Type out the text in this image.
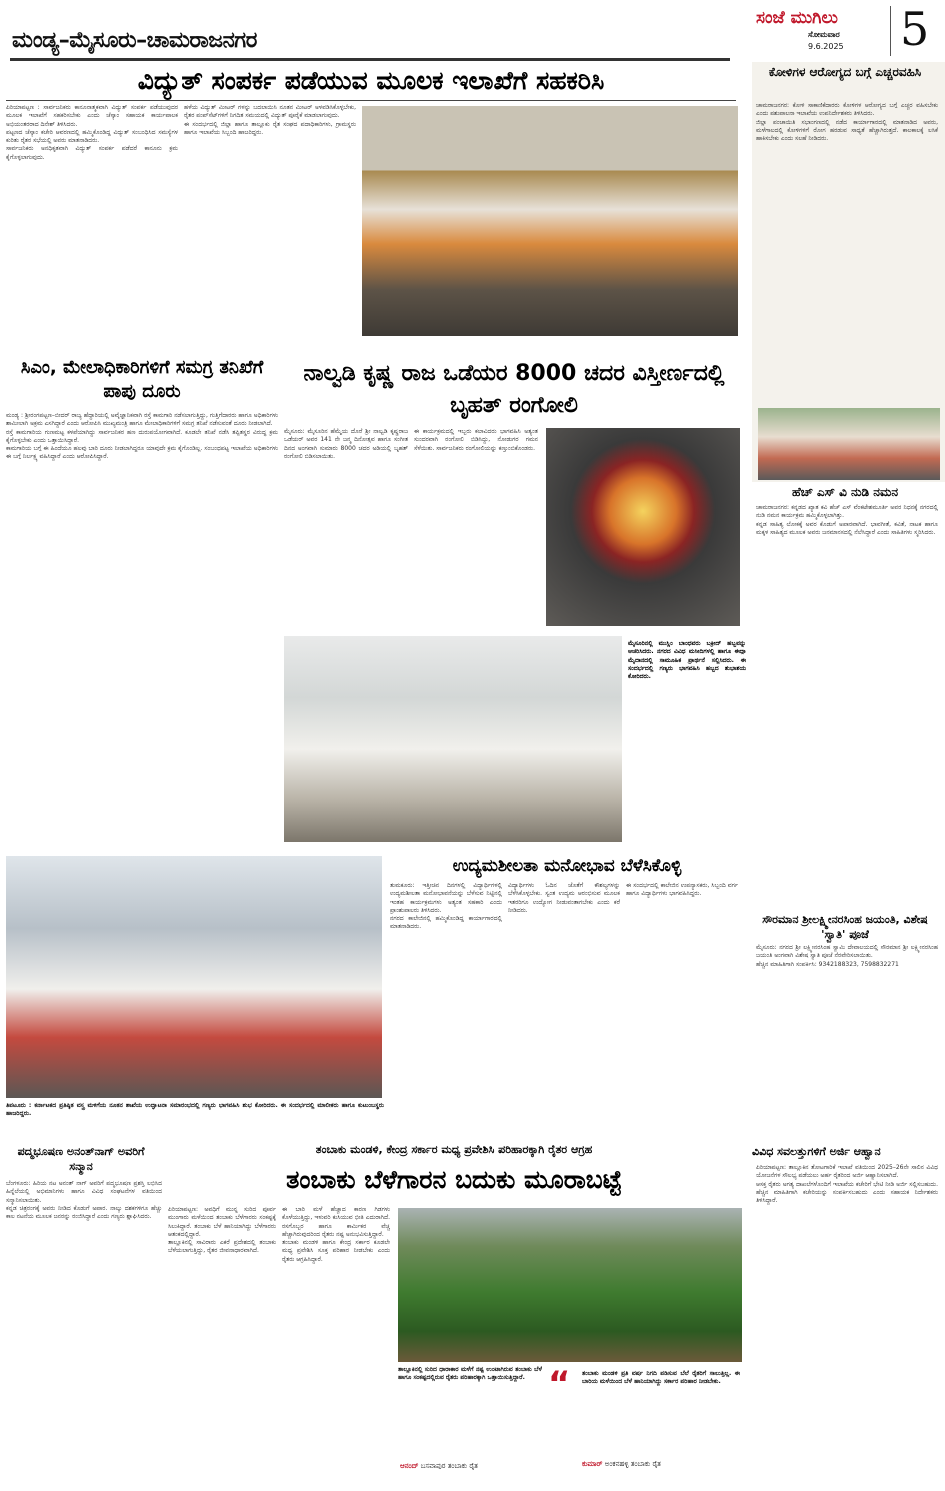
ಮಂಡ್ಯ–ಮೈಸೂರು–ಚಾಮರಾಜನಗರ
ಸಂಜೆ ಮುಗಿಲು
ಸೋಮವಾರ
9.6.2025 5
ವಿದ್ಯುತ್ ಸಂಪರ್ಕ ಪಡೆಯುವ ಮೂಲಕ ಇಲಾಖೆಗೆ ಸಹಕರಿಸಿ
ಪಿರಿಯಾಪಟ್ಟಣ : ಸಾರ್ವಜನಿಕರು ಕಾನೂನಾತ್ಮಕವಾಗಿ ವಿದ್ಯುತ್ ಸಂಪರ್ಕ ಪಡೆಯುವುದರ ಮೂಲಕ ಇಲಾಖೆಗೆ ಸಹಕರಿಸಬೇಕು ಎಂದು ಚೆಸ್ಕಾಂ ಸಹಾಯಕ ಕಾರ್ಯಪಾಲಕ ಅಭಿಯಂತರರಾದ ದಿನೇಶ್ ತಿಳಿಸಿದರು.
ಪಟ್ಟಣದ ಚೆಸ್ಕಾಂ ಕಚೇರಿ ಆವರಣದಲ್ಲಿ ಹಮ್ಮಿಕೊಂಡಿದ್ದ ವಿದ್ಯುತ್ ಸಂಬಂಧಿಸಿದ ಸಮಸ್ಯೆಗಳ ಕುರಿತು ರೈತರ ಸಭೆಯಲ್ಲಿ ಅವರು ಮಾತನಾಡಿದರು.
ಸಾರ್ವಜನಿಕರು ಅನಧಿಕೃತವಾಗಿ ವಿದ್ಯುತ್ ಸಂಪರ್ಕ ಪಡೆದರೆ ಕಾನೂನು ಕ್ರಮ ಕೈಗೊಳ್ಳಲಾಗುವುದು.
ಹಳೆಯ ವಿದ್ಯುತ್ ಮೀಟರ್ ಗಳನ್ನು ಬದಲಾಯಿಸಿ ನೂತನ ಮೀಟರ್ ಅಳವಡಿಸಿಕೊಳ್ಳಬೇಕು, ರೈತರ ಪಂಪ್‌ಸೆಟ್‌ಗಳಿಗೆ ನಿಗದಿತ ಸಮಯದಲ್ಲಿ ವಿದ್ಯುತ್ ಪೂರೈಕೆ ಮಾಡಲಾಗುವುದು.
ಈ ಸಂದರ್ಭದಲ್ಲಿ ಜಿಲ್ಲಾ ಹಾಗೂ ತಾಲ್ಲೂಕು ರೈತ ಸಂಘದ ಪದಾಧಿಕಾರಿಗಳು, ಗ್ರಾಮಸ್ಥರು ಹಾಗೂ ಇಲಾಖೆಯ ಸಿಬ್ಬಂದಿ ಹಾಜರಿದ್ದರು.
ಕೋಳಿಗಳ ಆರೋಗ್ಯದ ಬಗ್ಗೆ ಎಚ್ಚರವಹಿಸಿ
ಚಾಮರಾಜನಗರ: ಕೋಳಿ ಸಾಕಾಣಿಕೆದಾರರು ಕೋಳಿಗಳ ಆರೋಗ್ಯದ ಬಗ್ಗೆ ಎಚ್ಚರ ವಹಿಸಬೇಕು ಎಂದು ಪಶುಪಾಲನಾ ಇಲಾಖೆಯ ಉಪನಿರ್ದೇಶಕರು ತಿಳಿಸಿದರು.
ಜಿಲ್ಲಾ ಪಂಚಾಯಿತಿ ಸಭಾಂಗಣದಲ್ಲಿ ನಡೆದ ಕಾರ್ಯಾಗಾರದಲ್ಲಿ ಮಾತನಾಡಿದ ಅವರು, ಮಳೆಗಾಲದಲ್ಲಿ ಕೋಳಿಗಳಿಗೆ ರೋಗ ಹರಡುವ ಸಾಧ್ಯತೆ ಹೆಚ್ಚಾಗಿರುತ್ತದೆ. ಕಾಲಕಾಲಕ್ಕೆ ಲಸಿಕೆ ಹಾಕಿಸಬೇಕು ಎಂದು ಸಲಹೆ ನೀಡಿದರು.
ಸಿಎಂ, ಮೇಲಾಧಿಕಾರಿಗಳಿಗೆ ಸಮಗ್ರ ತನಿಖೆಗೆ ಪಾಪು ದೂರು
ಮಂಡ್ಯ : ಶ್ರೀರಂಗಪಟ್ಟಣ–ಬೀದರ್ ರಾಜ್ಯ ಹೆದ್ದಾರಿಯಲ್ಲಿ ಅವೈಜ್ಞಾನಿಕವಾಗಿ ರಸ್ತೆ ಕಾಮಗಾರಿ ನಡೆಸಲಾಗುತ್ತಿದ್ದು, ಗುತ್ತಿಗೆದಾರರು ಹಾಗೂ ಅಧಿಕಾರಿಗಳು ಶಾಮೀಲಾಗಿ ಅಕ್ರಮ ಎಸಗಿದ್ದಾರೆ ಎಂದು ಆರೋಪಿಸಿ ಮುಖ್ಯಮಂತ್ರಿ ಹಾಗೂ ಮೇಲಾಧಿಕಾರಿಗಳಿಗೆ ಸಮಗ್ರ ತನಿಖೆ ನಡೆಸುವಂತೆ ದೂರು ನೀಡಲಾಗಿದೆ.
ರಸ್ತೆ ಕಾಮಗಾರಿಯ ಗುಣಮಟ್ಟ ಕಳಪೆಯಾಗಿದ್ದು ಸಾರ್ವಜನಿಕರ ಹಣ ದುರುಪಯೋಗವಾಗಿದೆ. ಕೂಡಲೇ ತನಿಖೆ ನಡೆಸಿ ತಪ್ಪಿತಸ್ಥರ ವಿರುದ್ಧ ಕ್ರಮ ಕೈಗೊಳ್ಳಬೇಕು ಎಂದು ಒತ್ತಾಯಿಸಿದ್ದಾರೆ.
ಕಾಮಗಾರಿಯ ಬಗ್ಗೆ ಈ ಹಿಂದೆಯೂ ಹಲವು ಬಾರಿ ದೂರು ನೀಡಲಾಗಿದ್ದರೂ ಯಾವುದೇ ಕ್ರಮ ಕೈಗೊಂಡಿಲ್ಲ. ಸಂಬಂಧಪಟ್ಟ ಇಲಾಖೆಯ ಅಧಿಕಾರಿಗಳು ಈ ಬಗ್ಗೆ ನಿರ್ಲಕ್ಷ್ಯ ವಹಿಸಿದ್ದಾರೆ ಎಂದು ಆರೋಪಿಸಿದ್ದಾರೆ.
ನಾಲ್ವಡಿ ಕೃಷ್ಣ ರಾಜ ಒಡೆಯರ 8000 ಚದರ ವಿಸ್ತೀರ್ಣದಲ್ಲಿ ಬೃಹತ್ ರಂಗೋಲಿ
ಮೈಸೂರು: ಮೈಸೂರಿನ ಹೆಮ್ಮೆಯ ದೊರೆ ಶ್ರೀ ನಾಲ್ವಡಿ ಕೃಷ್ಣರಾಜ ಒಡೆಯರ್ ಅವರ 141 ನೇ ಜನ್ಮ ದಿನೋತ್ಸವ ಹಾಗೂ ಸಂಗೀತ ದಿನದ ಅಂಗವಾಗಿ ಸುಮಾರು 8000 ಚದರ ಅಡಿಯಲ್ಲಿ ಬೃಹತ್ ರಂಗೋಲಿ ಬಿಡಿಸಲಾಯಿತು.
ಈ ಕಾರ್ಯಕ್ರಮದಲ್ಲಿ ಇಬ್ಬರು ಕಲಾವಿದರು ಭಾಗವಹಿಸಿ ಅತ್ಯಂತ ಸುಂದರವಾಗಿ ರಂಗೋಲಿ ಬಿಡಿಸಿದ್ದು, ನೋಡುಗರ ಗಮನ ಸೆಳೆಯಿತು. ಸಾರ್ವಜನಿಕರು ರಂಗೋಲಿಯನ್ನು ಕಣ್ತುಂಬಿಕೊಂಡರು.
ಮೈಸೂರಿನಲ್ಲಿ ಮುಸ್ಲಿಂ ಬಾಂಧವರು ಬಕ್ರೀದ್ ಹಬ್ಬವನ್ನು ಆಚರಿಸಿದರು. ನಗರದ ವಿವಿಧ ಮಸೀದಿಗಳಲ್ಲಿ ಹಾಗೂ ಈದ್ಗಾ ಮೈದಾನದಲ್ಲಿ ಸಾಮೂಹಿಕ ಪ್ರಾರ್ಥನೆ ಸಲ್ಲಿಸಿದರು. ಈ ಸಂದರ್ಭದಲ್ಲಿ ಗಣ್ಯರು ಭಾಗವಹಿಸಿ ಹಬ್ಬದ ಶುಭಾಶಯ ಕೋರಿದರು.
ಹೆಚ್ ಎಸ್ ವಿ ನುಡಿ ನಮನ
ಚಾಮರಾಜನಗರ: ಕನ್ನಡದ ಖ್ಯಾತ ಕವಿ ಹೆಚ್ ಎಸ್ ವೆಂಕಟೇಶಮೂರ್ತಿ ಅವರ ನಿಧನಕ್ಕೆ ನಗರದಲ್ಲಿ ನುಡಿ ನಮನ ಕಾರ್ಯಕ್ರಮ ಹಮ್ಮಿಕೊಳ್ಳಲಾಗಿತ್ತು.
ಕನ್ನಡ ಸಾಹಿತ್ಯ ಲೋಕಕ್ಕೆ ಅವರ ಕೊಡುಗೆ ಅಪಾರವಾಗಿದೆ. ಭಾವಗೀತೆ, ಕವಿತೆ, ನಾಟಕ ಹಾಗೂ ಮಕ್ಕಳ ಸಾಹಿತ್ಯದ ಮೂಲಕ ಅವರು ಜನಮಾನಸದಲ್ಲಿ ನೆಲೆಸಿದ್ದಾರೆ ಎಂದು ಸಾಹಿತಿಗಳು ಸ್ಮರಿಸಿದರು.
ಸೌರಮಾನ ಶ್ರೀಲಕ್ಷ್ಮೀನರಸಿಂಹ ಜಯಂತಿ, ವಿಶೇಷ 'ಸ್ವಾತಿ' ಪೂಜೆ
ಮೈಸೂರು: ನಗರದ ಶ್ರೀ ಲಕ್ಷ್ಮೀನರಸಿಂಹ ಸ್ವಾಮಿ ದೇವಾಲಯದಲ್ಲಿ ಸೌರಮಾನ ಶ್ರೀ ಲಕ್ಷ್ಮೀನರಸಿಂಹ ಜಯಂತಿ ಅಂಗವಾಗಿ ವಿಶೇಷ ಸ್ವಾತಿ ಪೂಜೆ ನೆರವೇರಿಸಲಾಯಿತು.
ಹೆಚ್ಚಿನ ಮಾಹಿತಿಗಾಗಿ ಸಂಪರ್ಕಿಸಿ: 9342188323, 7598832271
ತಿಪಟೂರು : ಕರ್ನಾಟಕದ ಪ್ರತಿಷ್ಠಿತ ವಸ್ತ್ರ ಮಳಿಗೆಯ ನೂತನ ಶಾಖೆಯ ಉದ್ಘಾಟನಾ ಸಮಾರಂಭದಲ್ಲಿ ಗಣ್ಯರು ಭಾಗವಹಿಸಿ ಶುಭ ಕೋರಿದರು. ಈ ಸಂದರ್ಭದಲ್ಲಿ ಮಾಲೀಕರು ಹಾಗೂ ಕುಟುಂಬಸ್ಥರು ಹಾಜರಿದ್ದರು.
ಉದ್ಯಮಶೀಲತಾ ಮನೋಭಾವ ಬೆಳೆಸಿಕೊಳ್ಳಿ
ತುಮಕೂರು: ಇತ್ತೀಚಿನ ದಿನಗಳಲ್ಲಿ ವಿದ್ಯಾರ್ಥಿಗಳಲ್ಲಿ ಉದ್ಯಮಶೀಲತಾ ಮನೋಭಾವನೆಯನ್ನು ಬೆಳೆಸುವ ನಿಟ್ಟಿನಲ್ಲಿ ಇಂತಹ ಕಾರ್ಯಕ್ರಮಗಳು ಅತ್ಯಂತ ಸಹಕಾರಿ ಎಂದು ಪ್ರಾಂಶುಪಾಲರು ತಿಳಿಸಿದರು.
ನಗರದ ಕಾಲೇಜಿನಲ್ಲಿ ಹಮ್ಮಿಕೊಂಡಿದ್ದ ಕಾರ್ಯಾಗಾರದಲ್ಲಿ ಮಾತನಾಡಿದರು.
ವಿದ್ಯಾರ್ಥಿಗಳು ಓದಿನ ಜೊತೆಗೆ ಕೌಶಲ್ಯಗಳನ್ನು ಬೆಳೆಸಿಕೊಳ್ಳಬೇಕು. ಸ್ವಂತ ಉದ್ಯಮ ಆರಂಭಿಸುವ ಮೂಲಕ ಇತರರಿಗೂ ಉದ್ಯೋಗ ನೀಡುವಂತಾಗಬೇಕು ಎಂದು ಕರೆ ನೀಡಿದರು.
ಈ ಸಂದರ್ಭದಲ್ಲಿ ಕಾಲೇಜಿನ ಉಪನ್ಯಾಸಕರು, ಸಿಬ್ಬಂದಿ ವರ್ಗ ಹಾಗೂ ವಿದ್ಯಾರ್ಥಿಗಳು ಭಾಗವಹಿಸಿದ್ದರು.
ಪದ್ಮಭೂಷಣ ಅನಂತ್‌ನಾಗ್ ಅವರಿಗೆ ಸನ್ಮಾನ
ಬೆಂಗಳೂರು: ಹಿರಿಯ ನಟ ಅನಂತ್ ನಾಗ್ ಅವರಿಗೆ ಪದ್ಮಭೂಷಣ ಪ್ರಶಸ್ತಿ ಲಭಿಸಿದ ಹಿನ್ನೆಲೆಯಲ್ಲಿ ಅಭಿಮಾನಿಗಳು ಹಾಗೂ ವಿವಿಧ ಸಂಘಟನೆಗಳ ವತಿಯಿಂದ ಸನ್ಮಾನಿಸಲಾಯಿತು.
ಕನ್ನಡ ಚಿತ್ರರಂಗಕ್ಕೆ ಅವರು ನೀಡಿದ ಕೊಡುಗೆ ಅಪಾರ. ನಾಲ್ಕು ದಶಕಗಳಿಗೂ ಹೆಚ್ಚು ಕಾಲ ನಟನೆಯ ಮೂಲಕ ಜನರನ್ನು ರಂಜಿಸಿದ್ದಾರೆ ಎಂದು ಗಣ್ಯರು ಶ್ಲಾಘಿಸಿದರು.
ತಂಬಾಕು ಮಂಡಳಿ, ಕೇಂದ್ರ ಸರ್ಕಾರ ಮಧ್ಯ ಪ್ರವೇಶಿಸಿ ಪರಿಹಾರಕ್ಕಾಗಿ ರೈತರ ಆಗ್ರಹ
ತಂಬಾಕು ಬೆಳೆಗಾರನ ಬದುಕು ಮೂರಾಬಟ್ಟೆ
ಪಿರಿಯಾಪಟ್ಟಣ: ಅವಧಿಗೆ ಮುನ್ನ ಸುರಿದ ಪೂರ್ವ ಮುಂಗಾರು ಮಳೆಯಿಂದ ತಂಬಾಕು ಬೆಳೆಗಾರರು ಸಂಕಷ್ಟಕ್ಕೆ ಸಿಲುಕಿದ್ದಾರೆ. ತಂಬಾಕು ಬೆಳೆ ಹಾನಿಯಾಗಿದ್ದು ಬೆಳೆಗಾರರು ಆತಂಕದಲ್ಲಿದ್ದಾರೆ.
ತಾಲ್ಲೂಕಿನಲ್ಲಿ ಸಾವಿರಾರು ಎಕರೆ ಪ್ರದೇಶದಲ್ಲಿ ತಂಬಾಕು ಬೆಳೆಯಲಾಗುತ್ತಿದ್ದು, ರೈತರ ಜೀವನಾಧಾರವಾಗಿದೆ.
ಈ ಬಾರಿ ಮಳೆ ಹೆಚ್ಚಾದ ಕಾರಣ ಗಿಡಗಳು ಕೊಳೆಯುತ್ತಿದ್ದು, ಇಳುವರಿ ಕುಸಿಯುವ ಭೀತಿ ಎದುರಾಗಿದೆ. ರಸಗೊಬ್ಬರ ಹಾಗೂ ಕಾರ್ಮಿಕರ ವೆಚ್ಚ ಹೆಚ್ಚಾಗಿರುವುದರಿಂದ ರೈತರು ನಷ್ಟ ಅನುಭವಿಸುತ್ತಿದ್ದಾರೆ.
ತಂಬಾಕು ಮಂಡಳಿ ಹಾಗೂ ಕೇಂದ್ರ ಸರ್ಕಾರ ಕೂಡಲೇ ಮಧ್ಯ ಪ್ರವೇಶಿಸಿ ಸೂಕ್ತ ಪರಿಹಾರ ನೀಡಬೇಕು ಎಂದು ರೈತರು ಆಗ್ರಹಿಸಿದ್ದಾರೆ.
ತಾಲ್ಲೂಕಿನಲ್ಲಿ ಸುರಿದ ಧಾರಾಕಾರ ಮಳೆಗೆ ನಷ್ಟ ಉಂಟಾಗಿರುವ ತಂಬಾಕು ಬೆಳೆ ಹಾಗೂ ಸಂಕಷ್ಟದಲ್ಲಿರುವ ರೈತರು ಪರಿಹಾರಕ್ಕಾಗಿ ಒತ್ತಾಯಿಸುತ್ತಿದ್ದಾರೆ.
ಆನಂದ್ ಬಸವಾಪುರ ತಂಬಾಕು ರೈತ
“ ತಂಬಾಕು ಮಂಡಳಿ ಪ್ರತಿ ವರ್ಷ ನಿಗದಿ ಪಡಿಸುವ ಬೆಲೆ ರೈತರಿಗೆ ಸಾಲುತ್ತಿಲ್ಲ. ಈ ಬಾರಿಯ ಮಳೆಯಿಂದ ಬೆಳೆ ಹಾನಿಯಾಗಿದ್ದು ಸರ್ಕಾರ ಪರಿಹಾರ ನೀಡಬೇಕು.
ಕುಮಾರ್ ಅಂಕನಹಳ್ಳಿ ತಂಬಾಕು ರೈತ
ವಿವಿಧ ಸವಲತ್ತುಗಳಿಗೆ ಅರ್ಜಿ ಆಹ್ವಾನ
ಪಿರಿಯಾಪಟ್ಟಣ: ತಾಲ್ಲೂಕಿನ ತೋಟಗಾರಿಕೆ ಇಲಾಖೆ ವತಿಯಿಂದ 2025–26ನೇ ಸಾಲಿನ ವಿವಿಧ ಯೋಜನೆಗಳ ಸೌಲಭ್ಯ ಪಡೆಯಲು ಅರ್ಹ ರೈತರಿಂದ ಅರ್ಜಿ ಆಹ್ವಾನಿಸಲಾಗಿದೆ.
ಆಸಕ್ತ ರೈತರು ಅಗತ್ಯ ದಾಖಲೆಗಳೊಂದಿಗೆ ಇಲಾಖೆಯ ಕಚೇರಿಗೆ ಭೇಟಿ ನೀಡಿ ಅರ್ಜಿ ಸಲ್ಲಿಸಬಹುದು. ಹೆಚ್ಚಿನ ಮಾಹಿತಿಗಾಗಿ ಕಚೇರಿಯನ್ನು ಸಂಪರ್ಕಿಸಬಹುದು ಎಂದು ಸಹಾಯಕ ನಿರ್ದೇಶಕರು ತಿಳಿಸಿದ್ದಾರೆ.
